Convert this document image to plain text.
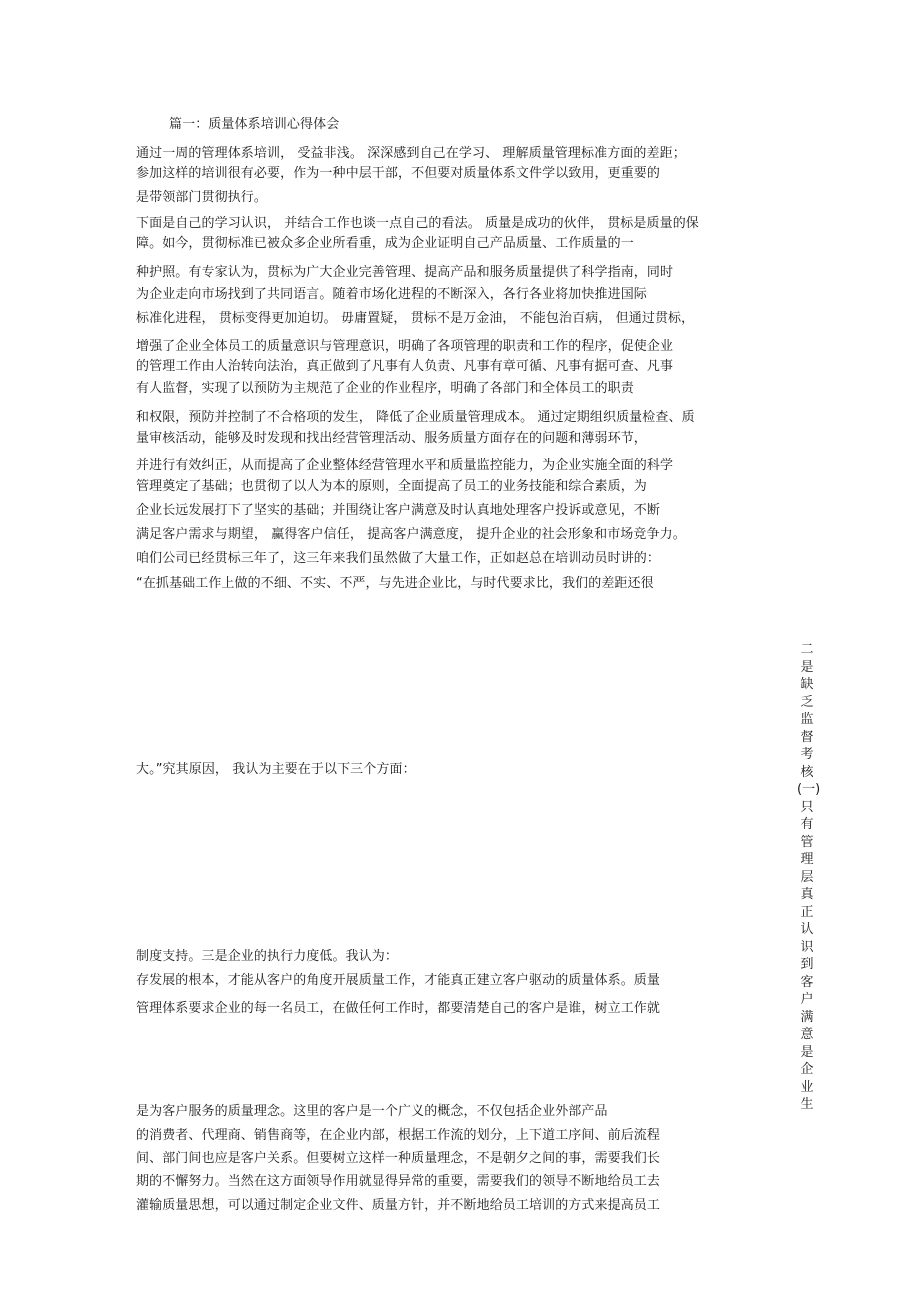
篇一：质量体系培训心得体会
通过一周的管理体系培训， 受益非浅。 深深感到自己在学习、 理解质量管理标准方面的差距；
参加这样的培训很有必要，作为一种中层干部，不但要对质量体系文件学以致用，更重要的
是带领部门贯彻执行。
下面是自己的学习认识， 并结合工作也谈一点自己的看法。 质量是成功的伙伴， 贯标是质量的保
障。如今，贯彻标准已被众多企业所看重，成为企业证明自己产品质量、工作质量的一
种护照。有专家认为，贯标为广大企业完善管理、提高产品和服务质量提供了科学指南，同时
为企业走向市场找到了共同语言。随着市场化进程的不断深入，各行各业将加快推进国际
标准化进程， 贯标变得更加迫切。 毋庸置疑， 贯标不是万金油， 不能包治百病， 但通过贯标，
增强了企业全体员工的质量意识与管理意识，明确了各项管理的职责和工作的程序，促使企业
的管理工作由人治转向法治，真正做到了凡事有人负责、凡事有章可循、凡事有据可查、凡事
有人监督，实现了以预防为主规范了企业的作业程序，明确了各部门和全体员工的职责
和权限，预防并控制了不合格项的发生， 降低了企业质量管理成本。 通过定期组织质量检查、质
量审核活动，能够及时发现和找出经营管理活动、服务质量方面存在的问题和薄弱环节，
并进行有效纠正，从而提高了企业整体经营管理水平和质量监控能力，为企业实施全面的科学
管理奠定了基础；也贯彻了以人为本的原则，全面提高了员工的业务技能和综合素质，为
企业长远发展打下了坚实的基础；并围绕让客户满意及时认真地处理客户投诉或意见，不断
满足客户需求与期望， 赢得客户信任， 提高客户满意度， 提升企业的社会形象和市场竞争力。
咱们公司已经贯标三年了，这三年来我们虽然做了大量工作，正如赵总在培训动员时讲的：
“在抓基础工作上做的不细、不实、不严，与先进企业比，与时代要求比，我们的差距还很
大。”究其原因， 我认为主要在于以下三个方面：
制度支持。三是企业的执行力度低。我认为：
存发展的根本，才能从客户的角度开展质量工作，才能真正建立客户驱动的质量体系。质量
管理体系要求企业的每一名员工，在做任何工作时，都要清楚自己的客户是谁，树立工作就
是为客户服务的质量理念。这里的客户是一个广义的概念，不仅包括企业外部产品
的消费者、代理商、销售商等，在企业内部，根据工作流的划分，上下道工序间、前后流程
间、部门间也应是客户关系。但要树立这样一种质量理念，不是朝夕之间的事，需要我们长
期的不懈努力。当然在这方面领导作用就显得异常的重要，需要我们的领导不断地给员工去
灌输质量思想，可以通过制定企业文件、质量方针，并不断地给员工培训的方式来提高员工
二是缺乏监督考核(一)只有管理层真正认识到客户满意是企业生
